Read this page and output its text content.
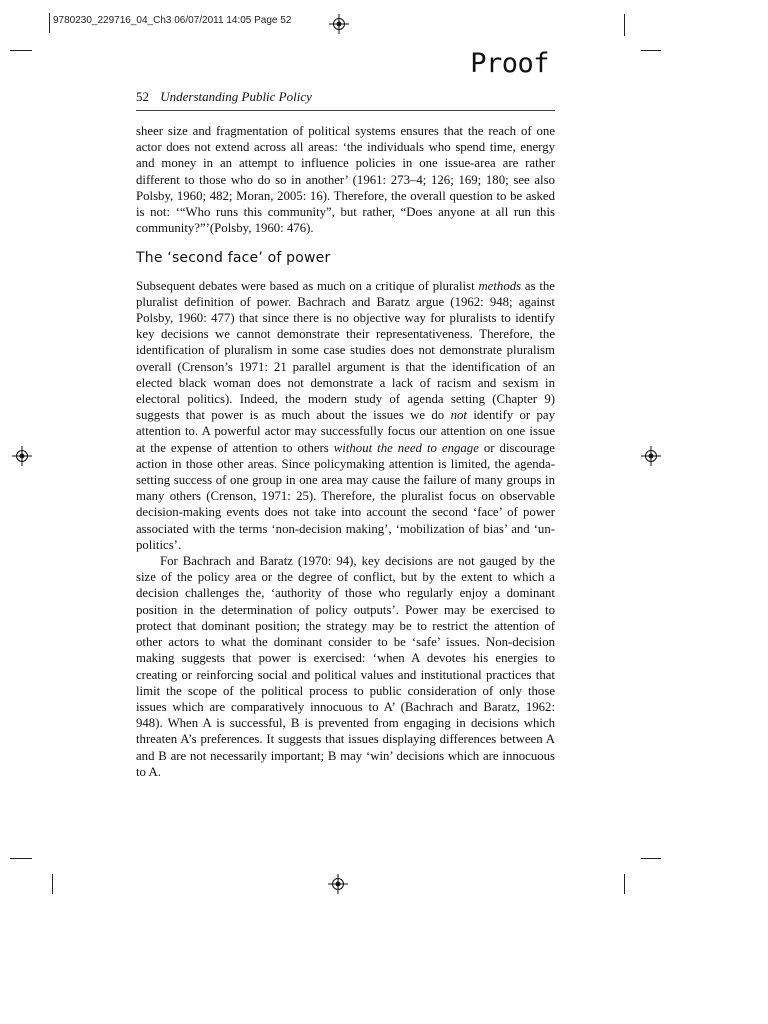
9780230_229716_04_Ch3 06/07/2011 14:05 Page 52
Proof
52 Understanding Public Policy

sheer size and fragmentation of political systems ensures that the reach of one actor does not extend across all areas: ‘the individuals who spend time, energy and money in an attempt to influence policies in one issue-area are rather different to those who do so in another’ (1961: 273–4; 126; 169; 180; see also Polsby, 1960; 482; Moran, 2005: 16). Therefore, the overall question to be asked is not: ‘“Who runs this community”, but rather, “Does anyone at all run this community?”’(Polsby, 1960: 476).

The ‘second face’ of power

Subsequent debates were based as much on a critique of pluralist methods as the pluralist definition of power. Bachrach and Baratz argue (1962: 948; against Polsby, 1960: 477) that since there is no objective way for pluralists to identify key decisions we cannot demonstrate their representativeness. Therefore, the identification of pluralism in some case studies does not demonstrate pluralism overall (Crenson’s 1971: 21 parallel argument is that the identification of an elected black woman does not demonstrate a lack of racism and sexism in electoral politics). Indeed, the modern study of agenda setting (Chapter 9) suggests that power is as much about the issues we do not identify or pay attention to. A powerful actor may successfully focus our attention on one issue at the expense of attention to others without the need to engage or discourage action in those other areas. Since policymaking attention is limited, the agenda-setting success of one group in one area may cause the failure of many groups in many others (Crenson, 1971: 25). Therefore, the pluralist focus on observable decision-making events does not take into account the second ‘face’ of power associated with the terms ‘non-decision making’, ‘mobilization of bias’ and ‘un-politics’.

For Bachrach and Baratz (1970: 94), key decisions are not gauged by the size of the policy area or the degree of conflict, but by the extent to which a decision challenges the, ‘authority of those who regularly enjoy a dominant position in the determination of policy outputs’. Power may be exercised to protect that dominant position; the strategy may be to restrict the attention of other actors to what the dominant consider to be ‘safe’ issues. Non-decision making suggests that power is exercised: ‘when A devotes his energies to creating or reinforcing social and political values and institutional practices that limit the scope of the political process to public consideration of only those issues which are comparatively innocuous to A’ (Bachrach and Baratz, 1962: 948). When A is successful, B is prevented from engaging in decisions which threaten A’s preferences. It suggests that issues displaying differences between A and B are not necessarily important; B may ‘win’ decisions which are innocuous to A.
